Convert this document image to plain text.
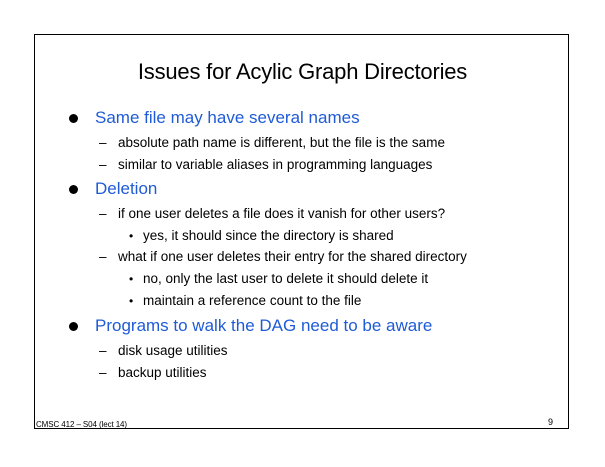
Issues for Acylic Graph Directories
Same file may have several names
– absolute path name is different, but the file is the same
– similar to variable aliases in programming languages
Deletion
– if one user deletes a file does it vanish for other users?
• yes, it should since the directory is shared
– what if one user deletes their entry for the shared directory
• no, only the last user to delete it should delete it
• maintain a reference count to the file
Programs to walk the DAG need to be aware
– disk usage utilities
– backup utilities
CMSC 412 – S04 (lect 14)	9
